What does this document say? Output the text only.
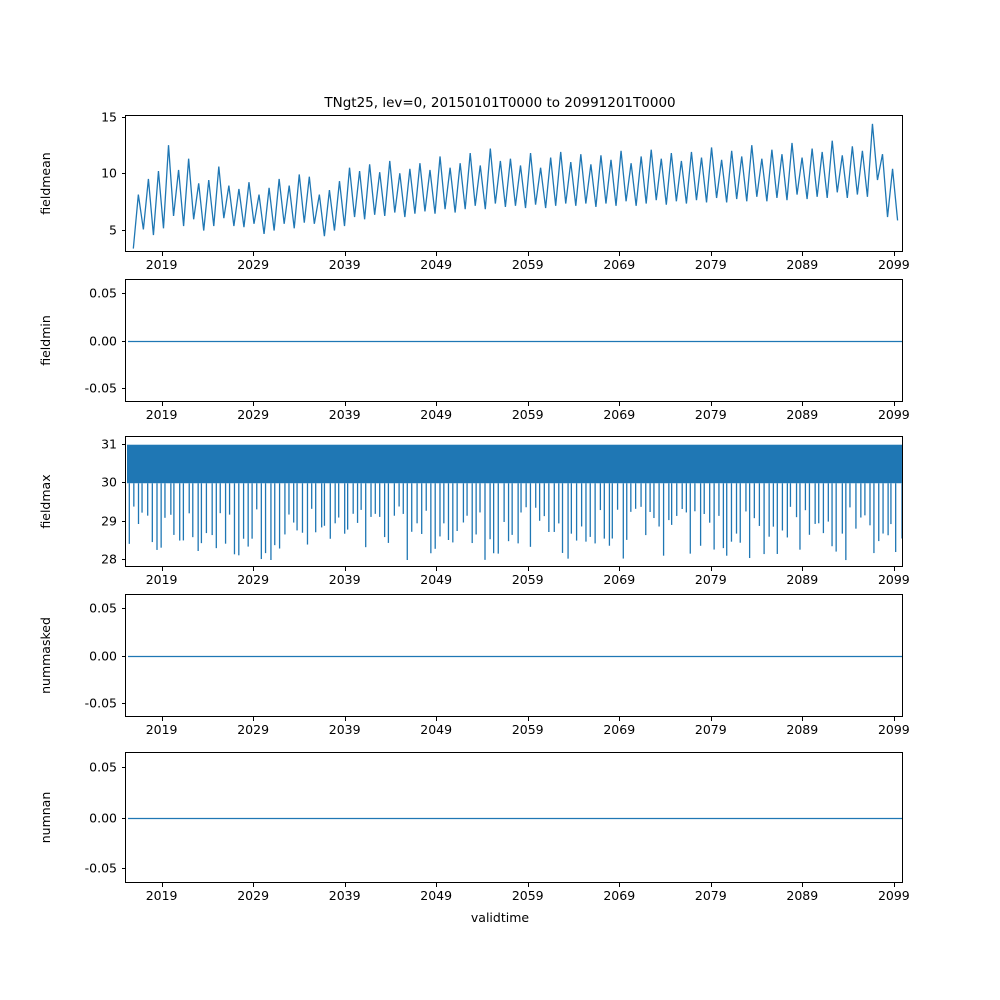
TNgt25, lev=0, 20150101T0000 to 20991201T0000
5
10
15
fieldmean
2019	2029	2039	2049	2059	2069	2079	2089	2099
-0.05
0.00
0.05
fieldmin
2019	2029	2039	2049	2059	2069	2079	2089	2099
28
29
30
31
fieldmax
2019	2029	2039	2049	2059	2069	2079	2089	2099
-0.05
0.00
0.05
nummasked
2019	2029	2039	2049	2059	2069	2079	2089	2099
-0.05
0.00
0.05
numnan
2019	2029	2039	2049	2059	2069	2079	2089	2099
validtime
